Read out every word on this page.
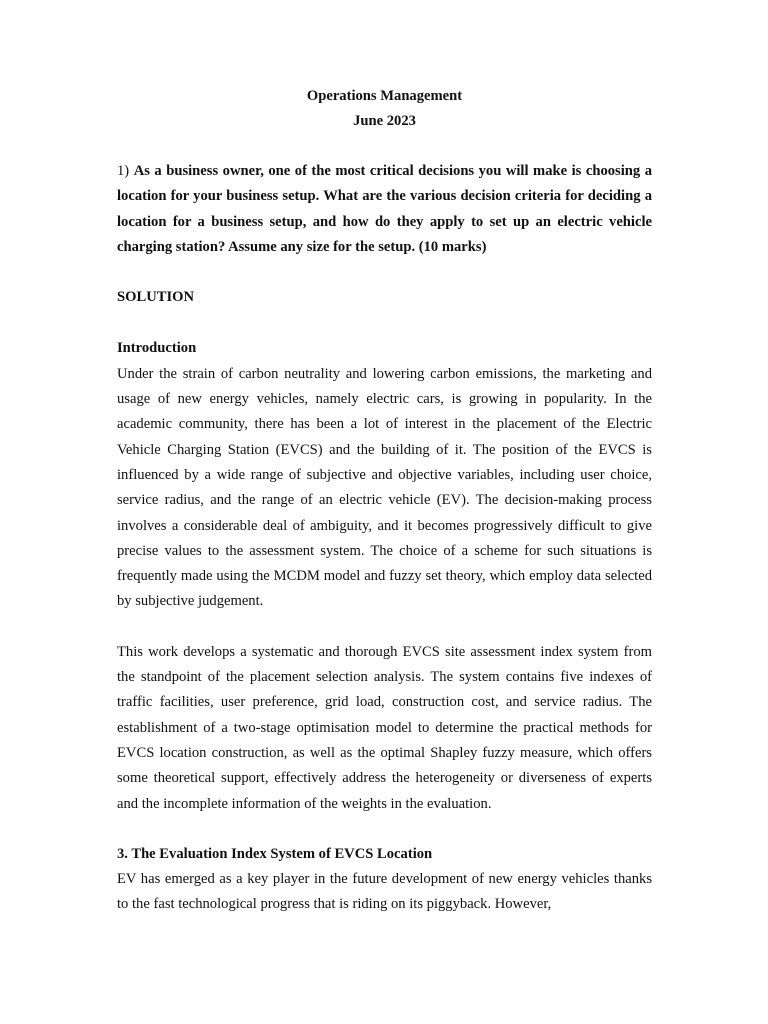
Operations Management

June 2023

1) As a business owner, one of the most critical decisions you will make is choosing a location for your business setup. What are the various decision criteria for deciding a location for a business setup, and how do they apply to set up an electric vehicle charging station? Assume any size for the setup. (10 marks)

SOLUTION

Introduction

Under the strain of carbon neutrality and lowering carbon emissions, the marketing and usage of new energy vehicles, namely electric cars, is growing in popularity. In the academic community, there has been a lot of interest in the placement of the Electric Vehicle Charging Station (EVCS) and the building of it. The position of the EVCS is influenced by a wide range of subjective and objective variables, including user choice, service radius, and the range of an electric vehicle (EV). The decision-making process involves a considerable deal of ambiguity, and it becomes progressively difficult to give precise values to the assessment system. The choice of a scheme for such situations is frequently made using the MCDM model and fuzzy set theory, which employ data selected by subjective judgement.

This work develops a systematic and thorough EVCS site assessment index system from the standpoint of the placement selection analysis. The system contains five indexes of traffic facilities, user preference, grid load, construction cost, and service radius. The establishment of a two-stage optimisation model to determine the practical methods for EVCS location construction, as well as the optimal Shapley fuzzy measure, which offers some theoretical support, effectively address the heterogeneity or diverseness of experts and the incomplete information of the weights in the evaluation.

3. The Evaluation Index System of EVCS Location

EV has emerged as a key player in the future development of new energy vehicles thanks to the fast technological progress that is riding on its piggyback. However,
